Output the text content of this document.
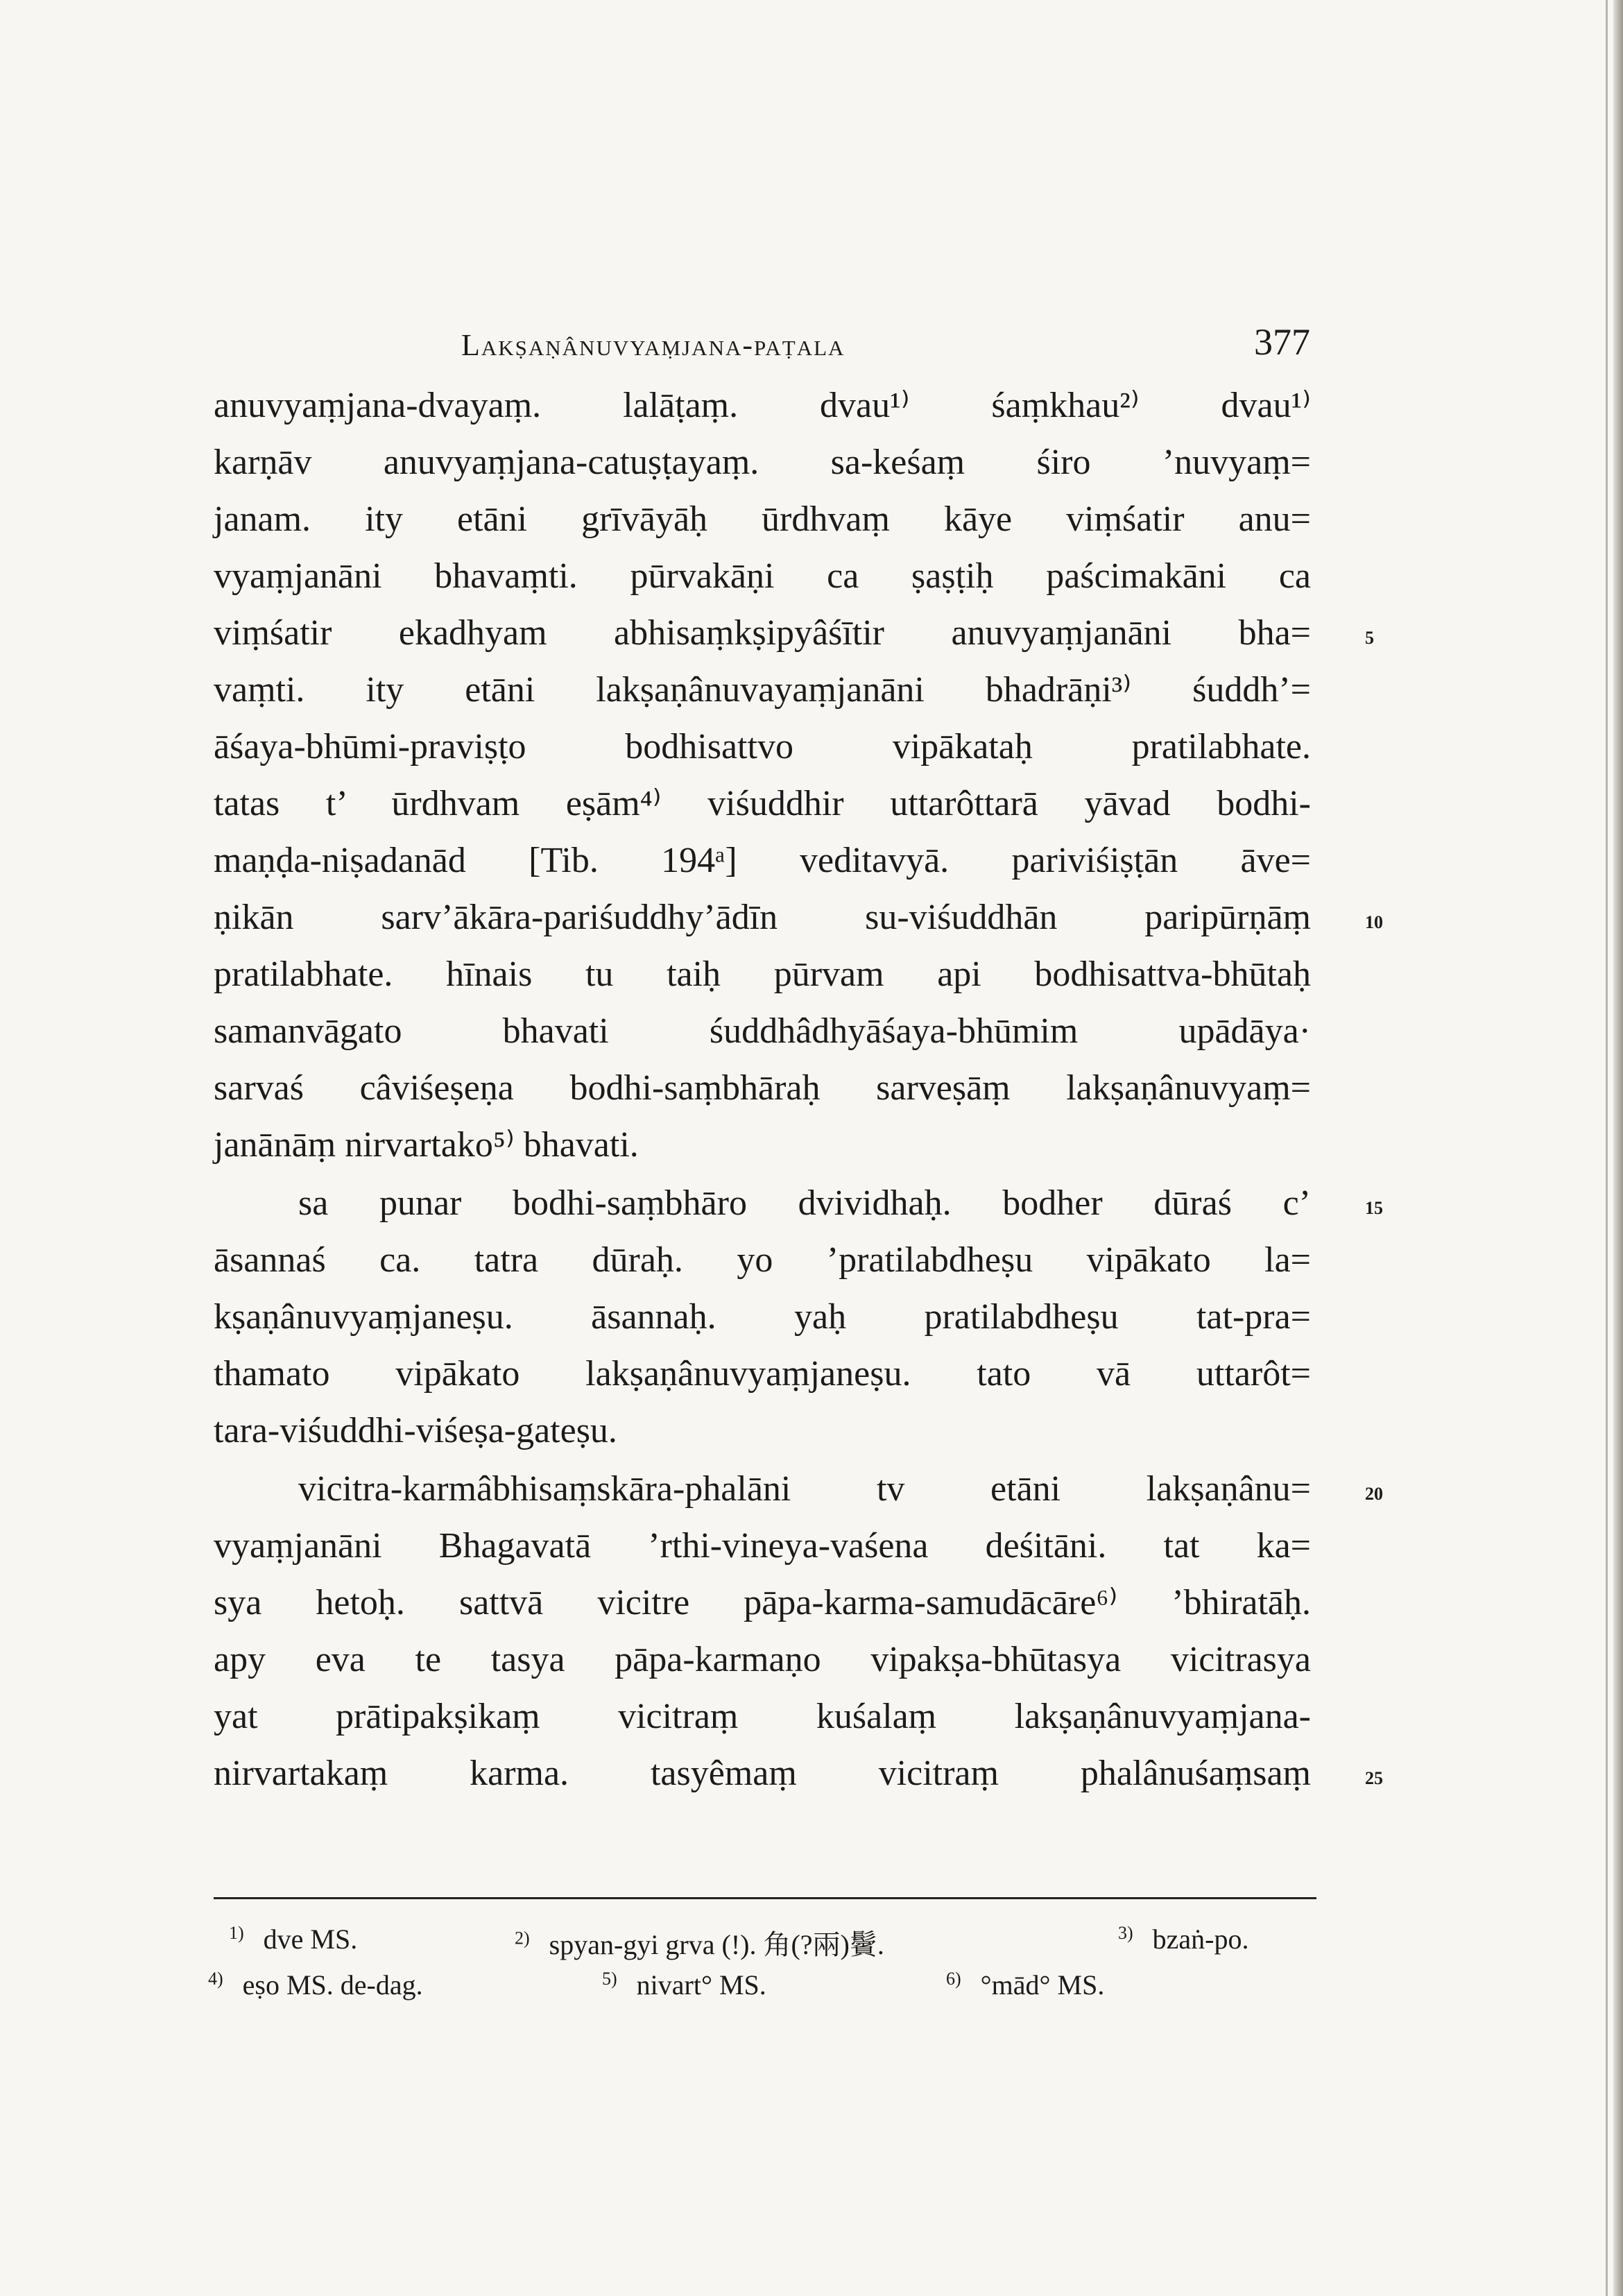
Lakṣaṇânuvyaṃjana-paṭala	377
anuvyaṃjana-dvayaṃ. lalāṭaṃ. dvau¹⁾ śaṃkhau²⁾ dvau¹⁾
karṇāv anuvyaṃjana-catuṣṭayaṃ. sa-keśaṃ śiro ’nuvyaṃ=
janam. ity etāni grīvāyāḥ ūrdhvaṃ kāye viṃśatir anu=
vyaṃjanāni bhavaṃti. pūrvakāṇi ca ṣaṣṭiḥ paścimakāni ca
viṃśatir ekadhyam abhisaṃkṣipyâśītir anuvyaṃjanāni bha=	5
vaṃti. ity etāni lakṣaṇânuvayaṃjanāni bhadrāṇi³⁾ śuddh’=
āśaya-bhūmi-praviṣṭo bodhisattvo vipākataḥ pratilabhate.
tatas t’ ūrdhvam eṣām⁴⁾ viśuddhir uttarôttarā yāvad bodhi-
maṇḍa-niṣadanād [Tib. 194ᵃ] veditavyā. pariviśiṣṭān āve=
ṇikān sarv’ākāra-pariśuddhy’ādīn su-viśuddhān paripūrṇāṃ	10
pratilabhate. hīnais tu taiḥ pūrvam api bodhisattva-bhūtaḥ
samanvāgato bhavati śuddhâdhyāśaya-bhūmim upādāya·
sarvaś câviśeṣeṇa bodhi-saṃbhāraḥ sarveṣāṃ lakṣaṇânuvyaṃ=
janānāṃ nirvartako⁵⁾ bhavati.
sa punar bodhi-saṃbhāro dvividhaḥ. bodher dūraś c’	15
āsannaś ca. tatra dūraḥ. yo ’pratilabdheṣu vipākato la=
kṣaṇânuvyaṃjaneṣu. āsannaḥ. yaḥ pratilabdheṣu tat-pra=
thamato vipākato lakṣaṇânuvyaṃjaneṣu. tato vā uttarôt=
tara-viśuddhi-viśeṣa-gateṣu.
vicitra-karmâbhisaṃskāra-phalāni tv etāni lakṣaṇânu=	20
vyaṃjanāni Bhagavatā ’rthi-vineya-vaśena deśitāni. tat ka=
sya hetoḥ. sattvā vicitre pāpa-karma-samudācāre⁶⁾ ’bhiratāḥ.
apy eva te tasya pāpa-karmaṇo vipakṣa-bhūtasya vicitrasya
yat prātipakṣikaṃ vicitraṃ kuśalaṃ lakṣaṇânuvyaṃjana-
nirvartakaṃ karma. tasyêmaṃ vicitraṃ phalânuśaṃsaṃ	25
$^{1)}$ dve MS.	$^{2)}$ spyan-gyi grva (!). 角(?兩)鬢.	$^{3)}$ bzaṅ-po.
$^{4)}$ eṣo MS. de-dag.	$^{5)}$ nivart° MS.	$^{6)}$ °mād° MS.
